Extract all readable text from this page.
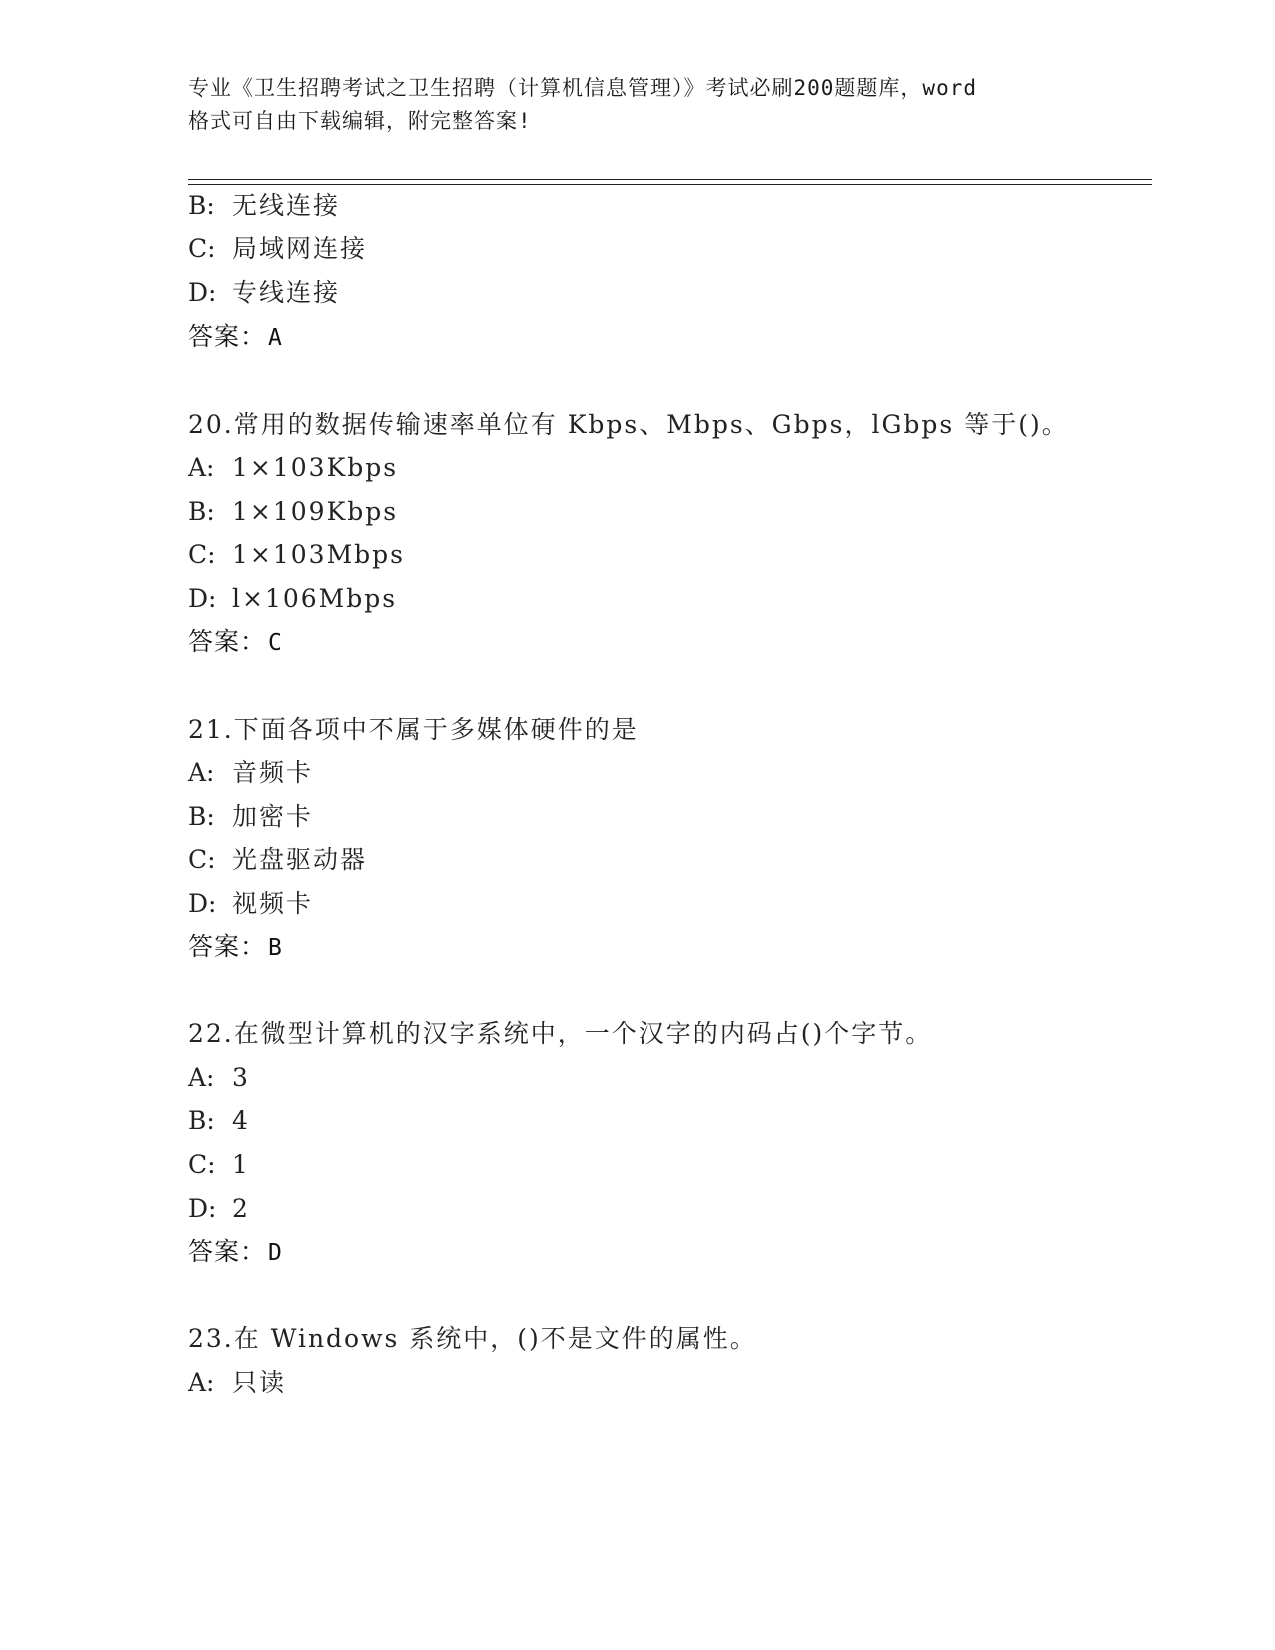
专业《卫生招聘考试之卫生招聘（计算机信息管理）》考试必刷200题题库，word
格式可自由下载编辑，附完整答案!
B: 无线连接
C: 局域网连接
D: 专线连接
答案：A
20.常用的数据传输速率单位有 Kbps、Mbps、Gbps，lGbps 等于()。
A: 1×103Kbps
B: 1×109Kbps
C: 1×103Mbps
D: l×106Mbps
答案：C
21.下面各项中不属于多媒体硬件的是
A: 音频卡
B: 加密卡
C: 光盘驱动器
D: 视频卡
答案：B
22.在微型计算机的汉字系统中，一个汉字的内码占()个字节。
A: 3
B: 4
C: 1
D: 2
答案：D
23.在 Windows 系统中，()不是文件的属性。
A: 只读
